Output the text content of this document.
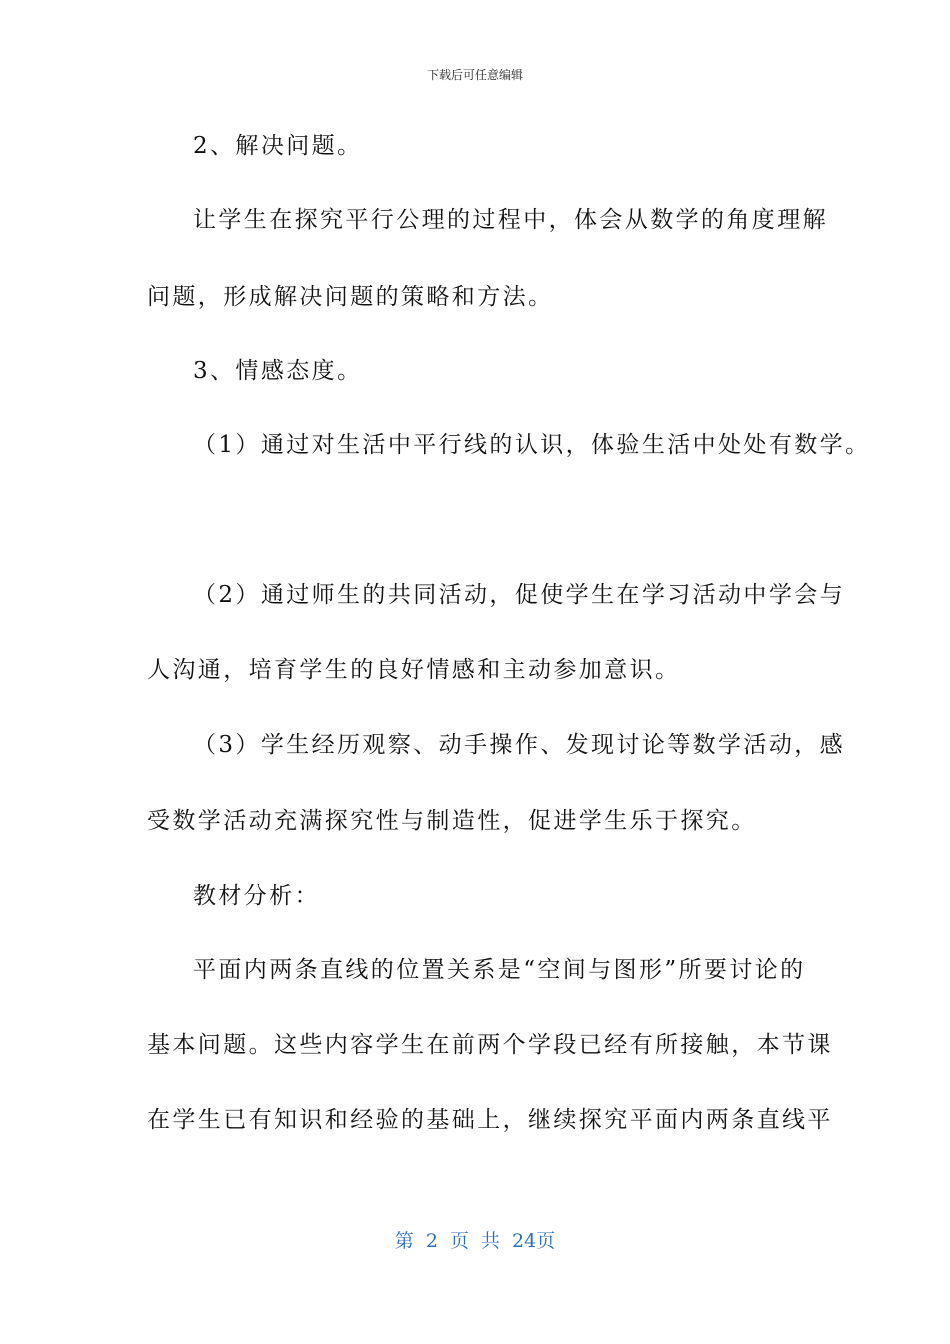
下载后可任意编辑
2、解决问题。
让学生在探究平行公理的过程中，体会从数学的角度理解
问题，形成解决问题的策略和方法。
3、情感态度。
（1）通过对生活中平行线的认识，体验生活中处处有数学。
（2）通过师生的共同活动，促使学生在学习活动中学会与
人沟通，培育学生的良好情感和主动参加意识。
（3）学生经历观察、动手操作、发现讨论等数学活动，感
受数学活动充满探究性与制造性，促进学生乐于探究。
教材分析：
平面内两条直线的位置关系是“空间与图形”所要讨论的
基本问题。这些内容学生在前两个学段已经有所接触，本节课
在学生已有知识和经验的基础上，继续探究平面内两条直线平
第 2 页 共 24页
